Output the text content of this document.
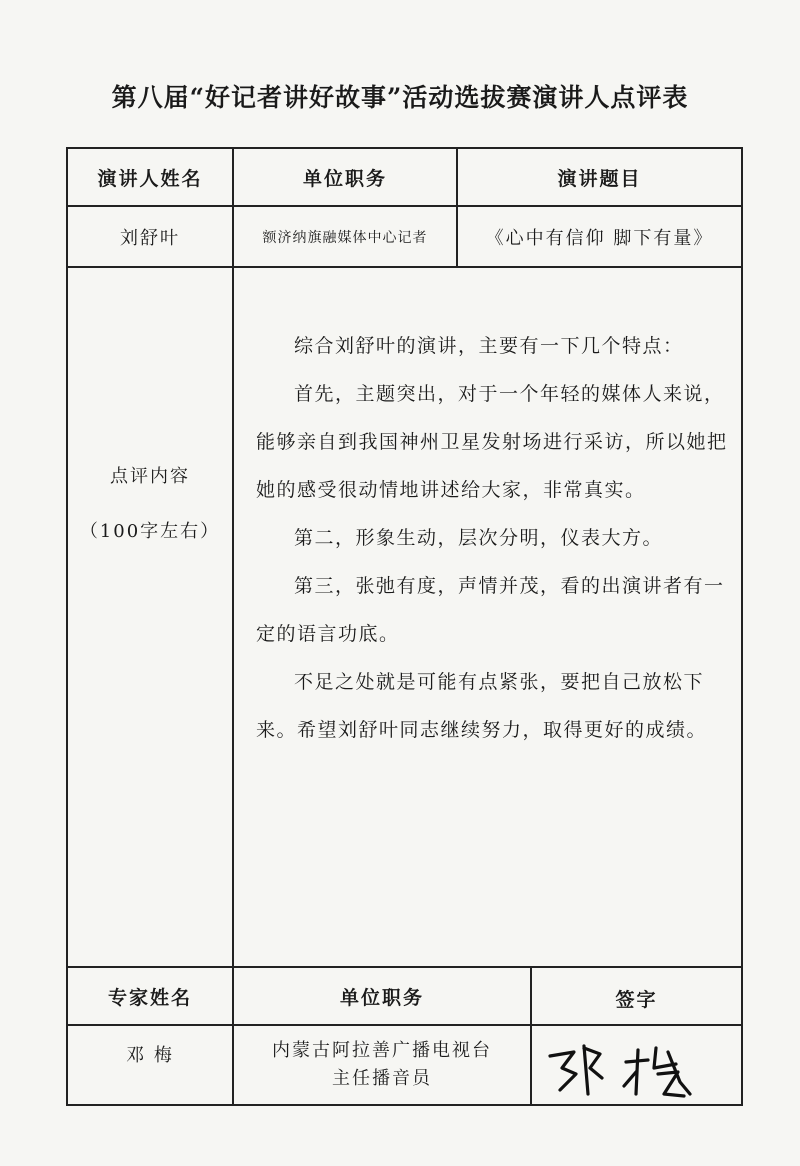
第八届“好记者讲好故事”活动选拔赛演讲人点评表
演讲人姓名	单位职务	演讲题目
刘舒叶	额济纳旗融媒体中心记者	《心中有信仰 脚下有量》
点评内容
（100字左右）

综合刘舒叶的演讲，主要有一下几个特点：

首先，主题突出，对于一个年轻的媒体人来说，能够亲自到我国神州卫星发射场进行采访，所以她把她的感受很动情地讲述给大家，非常真实。

第二，形象生动，层次分明，仪表大方。

第三，张弛有度，声情并茂，看的出演讲者有一定的语言功底。

不足之处就是可能有点紧张，要把自己放松下来。希望刘舒叶同志继续努力，取得更好的成绩。

专家姓名	单位职务	签字
邓 梅	内蒙古阿拉善广播电视台
主任播音员
